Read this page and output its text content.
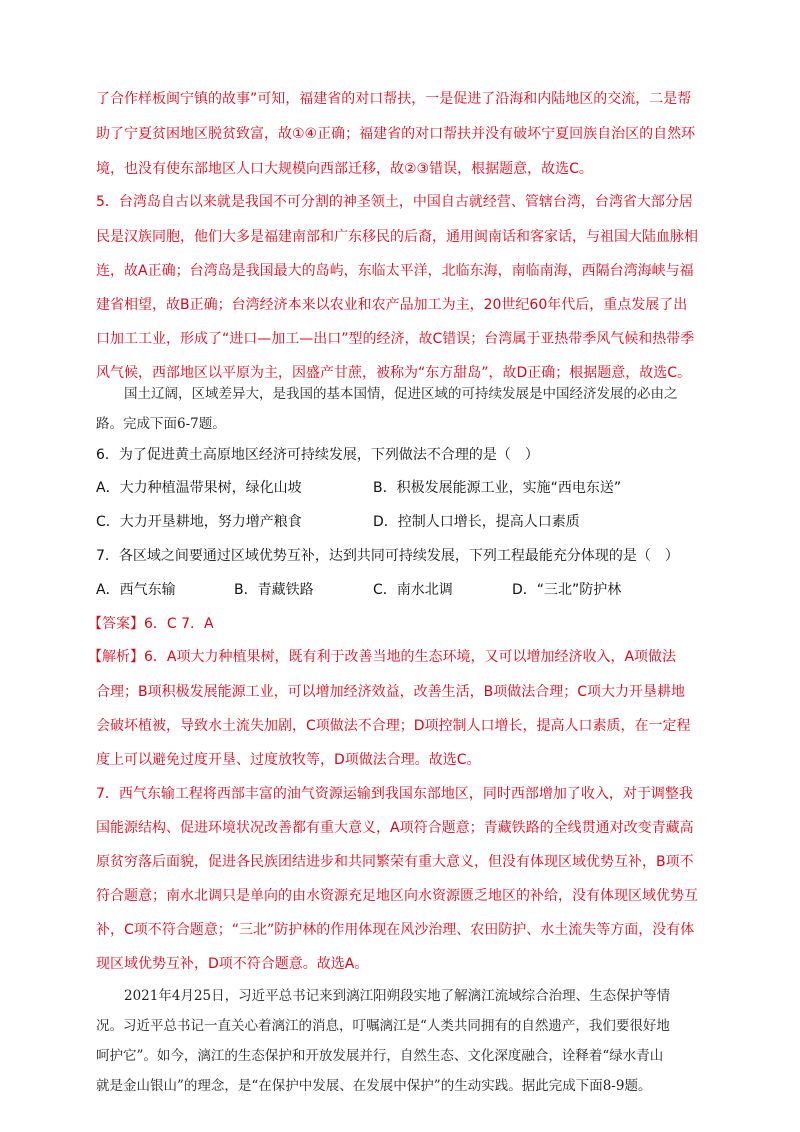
了合作样板闽宁镇的故事”可知，福建省的对口帮扶，一是促进了沿海和内陆地区的交流，二是帮
助了宁夏贫困地区脱贫致富，故①④正确；福建省的对口帮扶并没有破坏宁夏回族自治区的自然环
境，也没有使东部地区人口大规模向西部迁移，故②③错误，根据题意，故选C。
5．台湾岛自古以来就是我国不可分割的神圣领土，中国自古就经营、管辖台湾，台湾省大部分居
民是汉族同胞，他们大多是福建南部和广东移民的后裔，通用闽南话和客家话，与祖国大陆血脉相
连，故A正确；台湾岛是我国最大的岛屿，东临太平洋，北临东海，南临南海，西隔台湾海峡与福
建省相望，故B正确；台湾经济本来以农业和农产品加工为主，20世纪60年代后，重点发展了出
口加工工业，形成了“进口—加工—出口”型的经济，故C错误；台湾属于亚热带季风气候和热带季
风气候，西部地区以平原为主，因盛产甘蔗，被称为“东方甜岛”，故D正确；根据题意，故选C。
国土辽阔，区域差异大，是我国的基本国情，促进区域的可持续发展是中国经济发展的必由之
路。完成下面6-7题。
6．为了促进黄土高原地区经济可持续发展，下列做法不合理的是（　）
A．大力种植温带果树，绿化山坡	B．积极发展能源工业，实施“西电东送”
C．大力开垦耕地，努力增产粮食	D．控制人口增长，提高人口素质
7．各区域之间要通过区域优势互补，达到共同可持续发展，下列工程最能充分体现的是（　）
A．西气东输	B．青藏铁路	C．南水北调	D．“三北”防护林
【答案】6．C 7．A
【解析】6．A项大力种植果树，既有利于改善当地的生态环境，又可以增加经济收入，A项做法
合理；B项积极发展能源工业，可以增加经济效益，改善生活，B项做法合理；C项大力开垦耕地
会破坏植被，导致水土流失加剧，C项做法不合理；D项控制人口增长，提高人口素质，在一定程
度上可以避免过度开垦、过度放牧等，D项做法合理。故选C。
7．西气东输工程将西部丰富的油气资源运输到我国东部地区，同时西部增加了收入，对于调整我
国能源结构、促进环境状况改善都有重大意义，A项符合题意；青藏铁路的全线贯通对改变青藏高
原贫穷落后面貌，促进各民族团结进步和共同繁荣有重大意义，但没有体现区域优势互补，B项不
符合题意；南水北调只是单向的由水资源充足地区向水资源匮乏地区的补给，没有体现区域优势互
补，C项不符合题意；“三北”防护林的作用体现在风沙治理、农田防护、水土流失等方面，没有体
现区域优势互补，D项不符合题意。故选A。
2021年4月25日，习近平总书记来到漓江阳朔段实地了解漓江流域综合治理、生态保护等情
况。习近平总书记一直关心着漓江的消息，叮嘱漓江是“人类共同拥有的自然遗产，我们要很好地
呵护它”。如今，漓江的生态保护和开放发展并行，自然生态、文化深度融合，诠释着“绿水青山
就是金山银山”的理念，是“在保护中发展、在发展中保护”的生动实践。据此完成下面8-9题。
